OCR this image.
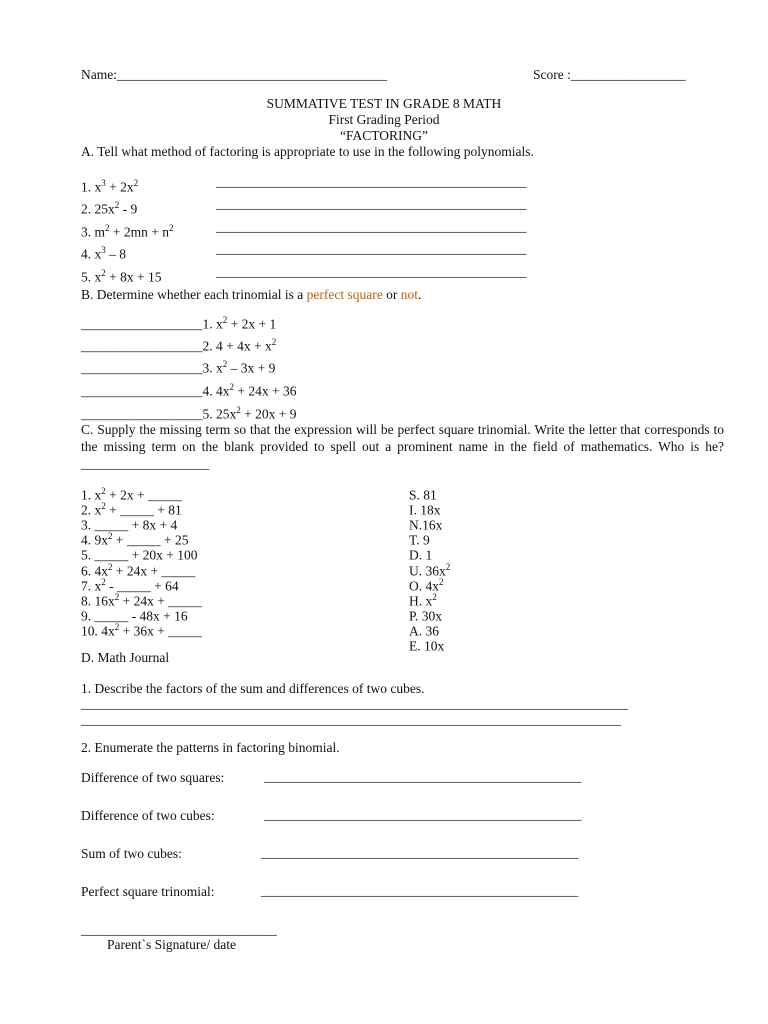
Name:________________________________________	Score :_________________
SUMMATIVE TEST IN GRADE 8 MATH
First Grading Period
“FACTORING”
A. Tell what method of factoring is appropriate to use in the following polynomials.
1. $x^3 + 2x^2$	______________________________________________
2. $25x^2 - 9$	______________________________________________
3. $m^2 + 2mn + n^2$	______________________________________________
4. $x^3 - 8$	______________________________________________
5. $x^2 + 8x + 15$	______________________________________________
B. Determine whether each trinomial is a perfect square or not.
__________________1. $x^2 + 2x + 1$
__________________2. $4 + 4x + x^2$
__________________3. $x^2 - 3x + 9$
__________________4. $4x^2 + 24x + 36$
__________________5. $25x^2 + 20x + 9$
C. Supply the missing term so that the expression will be perfect square trinomial. Write the letter that corresponds to the missing term on the blank provided to spell out a prominent name in the field of mathematics. Who is he? ___________________
1. $x^2 + 2x$ + _____
2. $x^2$ + _____ + 81
3. _____ + 8x + 4
4. $9x^2$ + _____ + 25
5. _____ + 20x + 100
6. $4x^2 + 24x$ + _____
7. $x^2$ - _____ + 64
8. $16x^2 + 24x$ + _____
9. _____ - 48x + 16
10. $4x^2 + 36x$ + _____
S. 81
I. 18x
N.16x
T. 9
D. 1
U. $36x^2$
O. $4x^2$
H. $x^2$
P. 30x
A. 36
E. 10x
D. Math Journal
1. Describe the factors of the sum and differences of two cubes.
_________________________________________________________________________________
________________________________________________________________________________
2. Enumerate the patterns in factoring binomial.
Difference of two squares:	_______________________________________________
Difference of two cubes:	_______________________________________________
Sum of two cubes:	_______________________________________________
Perfect square trinomial:	_______________________________________________
_____________________________
Parent`s Signature/ date
